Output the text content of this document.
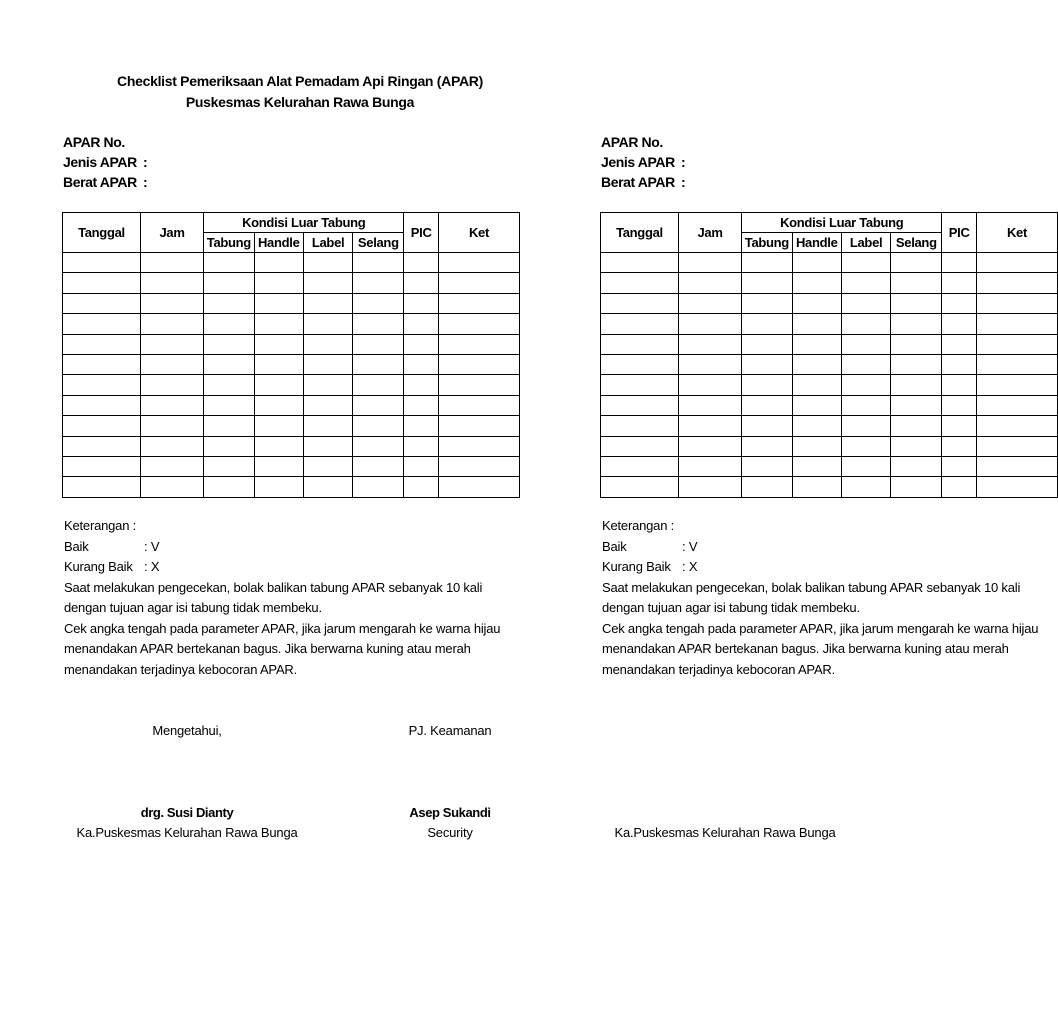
Checklist Pemeriksaan Alat Pemadam Api Ringan (APAR)
Puskesmas Kelurahan Rawa Bunga
APAR No.
Jenis APAR :
Berat APAR :
Tanggal	Jam	Kondisi Luar Tabung				PIC	Ket
		Tabung	Handle	Label	Selang		

Keterangan :
Baik	: V
Kurang Baik : X
Saat melakukan pengecekan, bolak balikan tabung APAR sebanyak 10 kali
dengan tujuan agar isi tabung tidak membeku.
Cek angka tengah pada parameter APAR, jika jarum mengarah ke warna hijau
menandakan APAR bertekanan bagus. Jika berwarna kuning atau merah
menandakan terjadinya kebocoran APAR.
Mengetahui,	PJ. Keamanan
drg. Susi Dianty	Asep Sukandi
Ka.Puskesmas Kelurahan Rawa Bunga	Security
APAR No.
Jenis APAR :
Berat APAR :
Tanggal	Jam	Kondisi Luar Tabung				PIC	Ket
		Tabung	Handle	Label	Selang		

Keterangan :
Baik	: V
Kurang Baik : X
Saat melakukan pengecekan, bolak balikan tabung APAR sebanyak 10 kali
dengan tujuan agar isi tabung tidak membeku.
Cek angka tengah pada parameter APAR, jika jarum mengarah ke warna hijau
menandakan APAR bertekanan bagus. Jika berwarna kuning atau merah
menandakan terjadinya kebocoran APAR.
Ka.Puskesmas Kelurahan Rawa Bunga
